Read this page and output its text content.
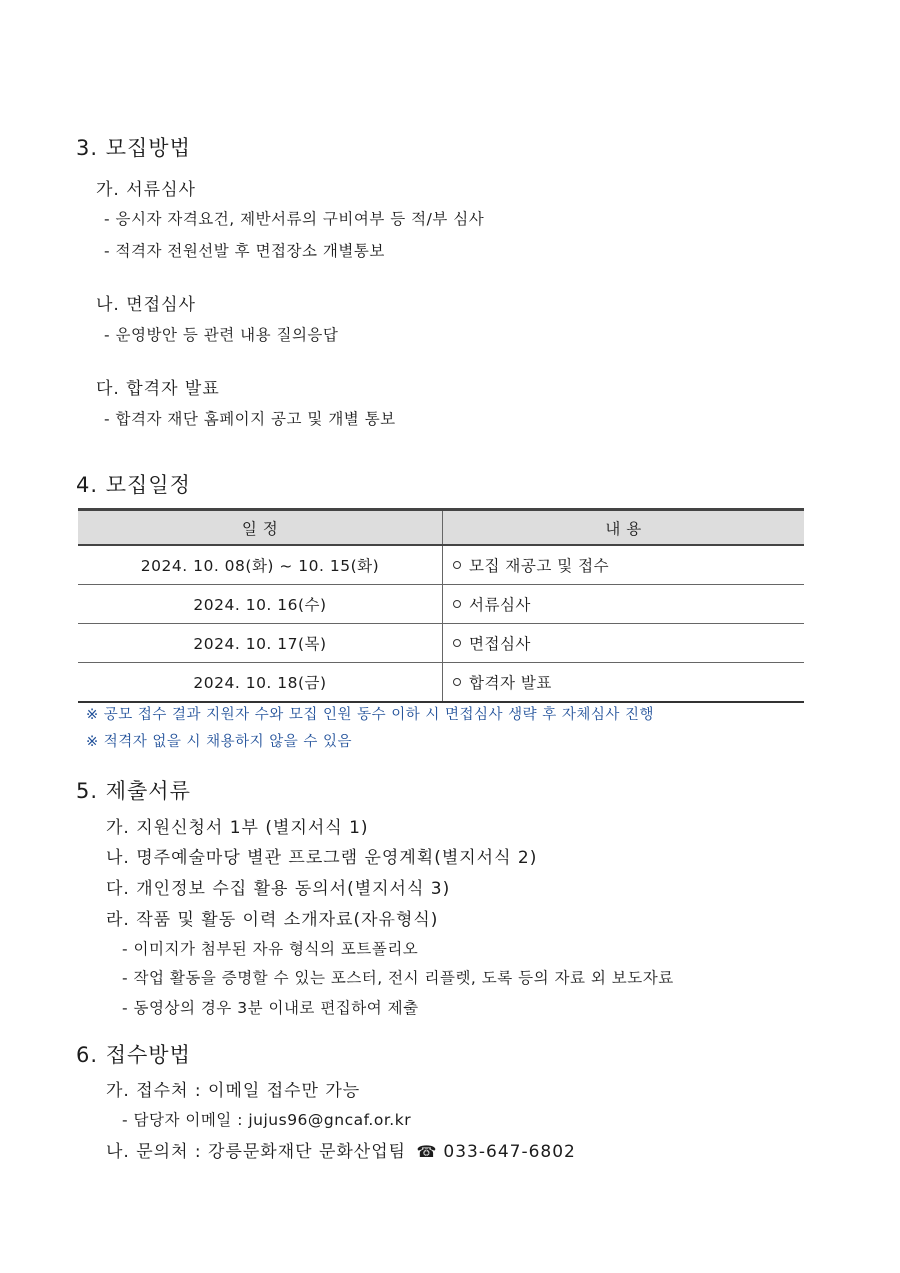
3. 모집방법
가. 서류심사
- 응시자 자격요건, 제반서류의 구비여부 등 적/부 심사
- 적격자 전원선발 후 면접장소 개별통보
나. 면접심사
- 운영방안 등 관련 내용 질의응답
다. 합격자 발표
- 합격자 재단 홈페이지 공고 및 개별 통보
4. 모집일정
일 정	내 용
2024. 10. 08(화) ~ 10. 15(화)	모집 재공고 및 접수
2024. 10. 16(수)	서류심사
2024. 10. 17(목)	면접심사
2024. 10. 18(금)	합격자 발표
※ 공모 접수 결과 지원자 수와 모집 인원 동수 이하 시 면접심사 생략 후 자체심사 진행
※ 적격자 없을 시 채용하지 않을 수 있음
5. 제출서류
가. 지원신청서 1부 (별지서식 1)
나. 명주예술마당 별관 프로그램 운영계획(별지서식 2)
다. 개인정보 수집 활용 동의서(별지서식 3)
라. 작품 및 활동 이력 소개자료(자유형식)
- 이미지가 첨부된 자유 형식의 포트폴리오
- 작업 활동을 증명할 수 있는 포스터, 전시 리플렛, 도록 등의 자료 외 보도자료
- 동영상의 경우 3분 이내로 편집하여 제출
6. 접수방법
가. 접수처 : 이메일 접수만 가능
- 담당자 이메일 : jujus96@gncaf.or.kr
나. 문의처 : 강릉문화재단 문화산업팀 ☎ 033-647-6802
